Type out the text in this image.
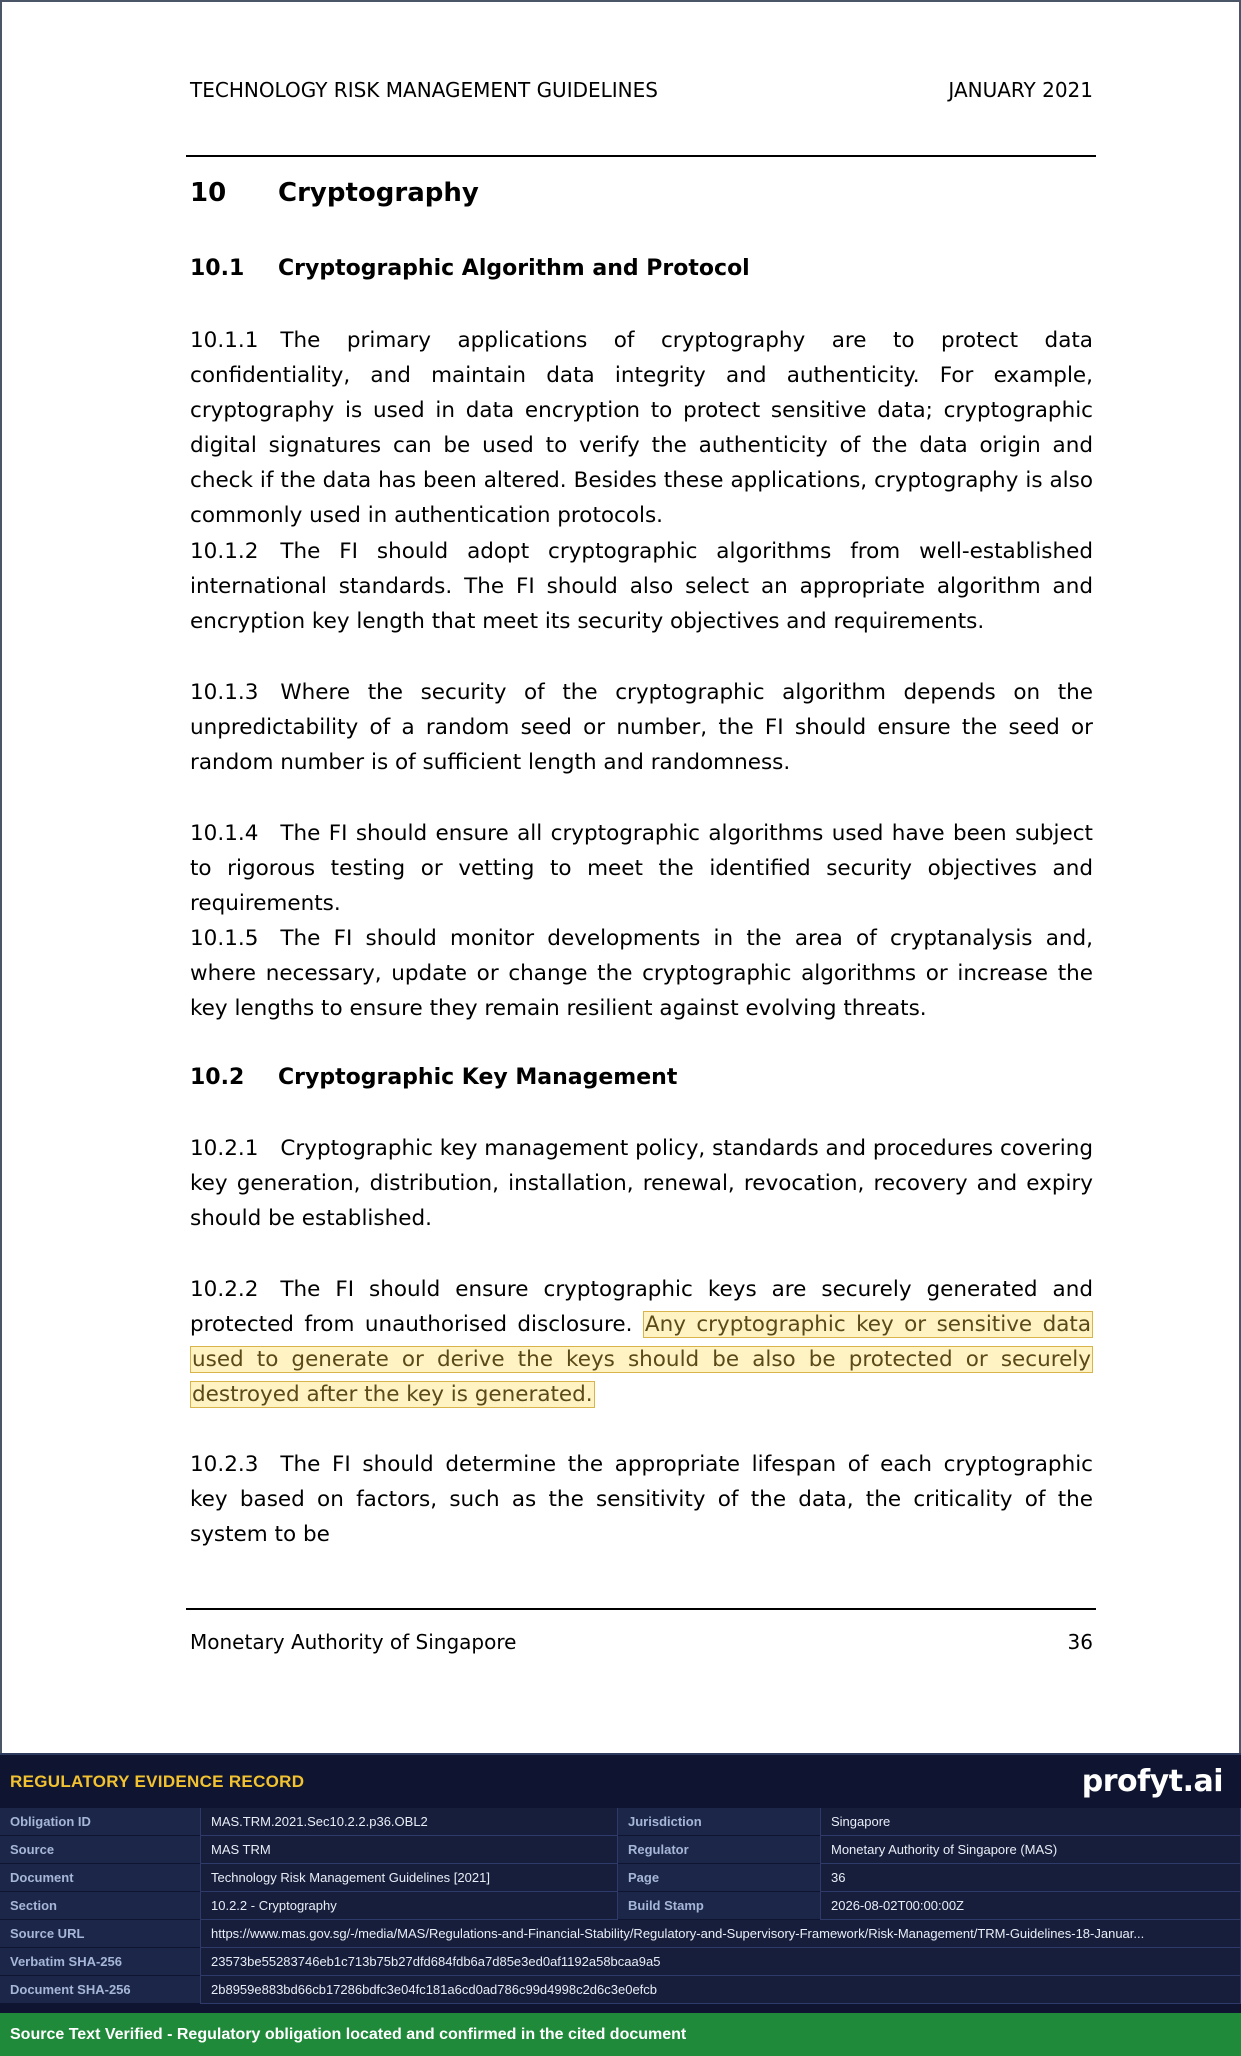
TECHNOLOGY RISK MANAGEMENT GUIDELINES	JANUARY 2021
10	Cryptography
10.1	Cryptographic Algorithm and Protocol

10.1.1 The primary applications of cryptography are to protect data confidentiality, and maintain data integrity and authenticity. For example, cryptography is used in data encryption to protect sensitive data; cryptographic digital signatures can be used to verify the authenticity of the data origin and check if the data has been altered. Besides these applications, cryptography is also commonly used in authentication protocols.

10.1.2 The FI should adopt cryptographic algorithms from well-established international standards. The FI should also select an appropriate algorithm and encryption key length that meet its security objectives and requirements.

10.1.3 Where the security of the cryptographic algorithm depends on the unpredictability of a random seed or number, the FI should ensure the seed or random number is of sufficient length and randomness.

10.1.4 The FI should ensure all cryptographic algorithms used have been subject to rigorous testing or vetting to meet the identified security objectives and requirements.

10.1.5 The FI should monitor developments in the area of cryptanalysis and, where necessary, update or change the cryptographic algorithms or increase the key lengths to ensure they remain resilient against evolving threats.

10.2	Cryptographic Key Management

10.2.1 Cryptographic key management policy, standards and procedures covering key generation, distribution, installation, renewal, revocation, recovery and expiry should be established.

10.2.2 The FI should ensure cryptographic keys are securely generated and protected from unauthorised disclosure. Any cryptographic key or sensitive data used to generate or derive the keys should be also be protected or securely destroyed after the key is generated.

10.2.3 The FI should determine the appropriate lifespan of each cryptographic key based on factors, such as the sensitivity of the data, the criticality of the system to be

Monetary Authority of Singapore	36
REGULATORY EVIDENCE RECORD	profyt.ai
Obligation ID	MAS.TRM.2021.Sec10.2.2.p36.OBL2	Jurisdiction	Singapore
Source	MAS TRM	Regulator	Monetary Authority of Singapore (MAS)
Document	Technology Risk Management Guidelines [2021]	Page	36
Section	10.2.2 - Cryptography	Build Stamp	2026-08-02T00:00:00Z
Source URL	https://www.mas.gov.sg/-/media/MAS/Regulations-and-Financial-Stability/Regulatory-and-Supervisory-Framework/Risk-Management/TRM-Guidelines-18-Januar...
Verbatim SHA-256	23573be55283746eb1c713b75b27dfd684fdb6a7d85e3ed0af1192a58bcaa9a5
Document SHA-256	2b8959e883bd66cb17286bdfc3e04fc181a6cd0ad786c99d4998c2d6c3e0efcb
Source Text Verified - Regulatory obligation located and confirmed in the cited document
